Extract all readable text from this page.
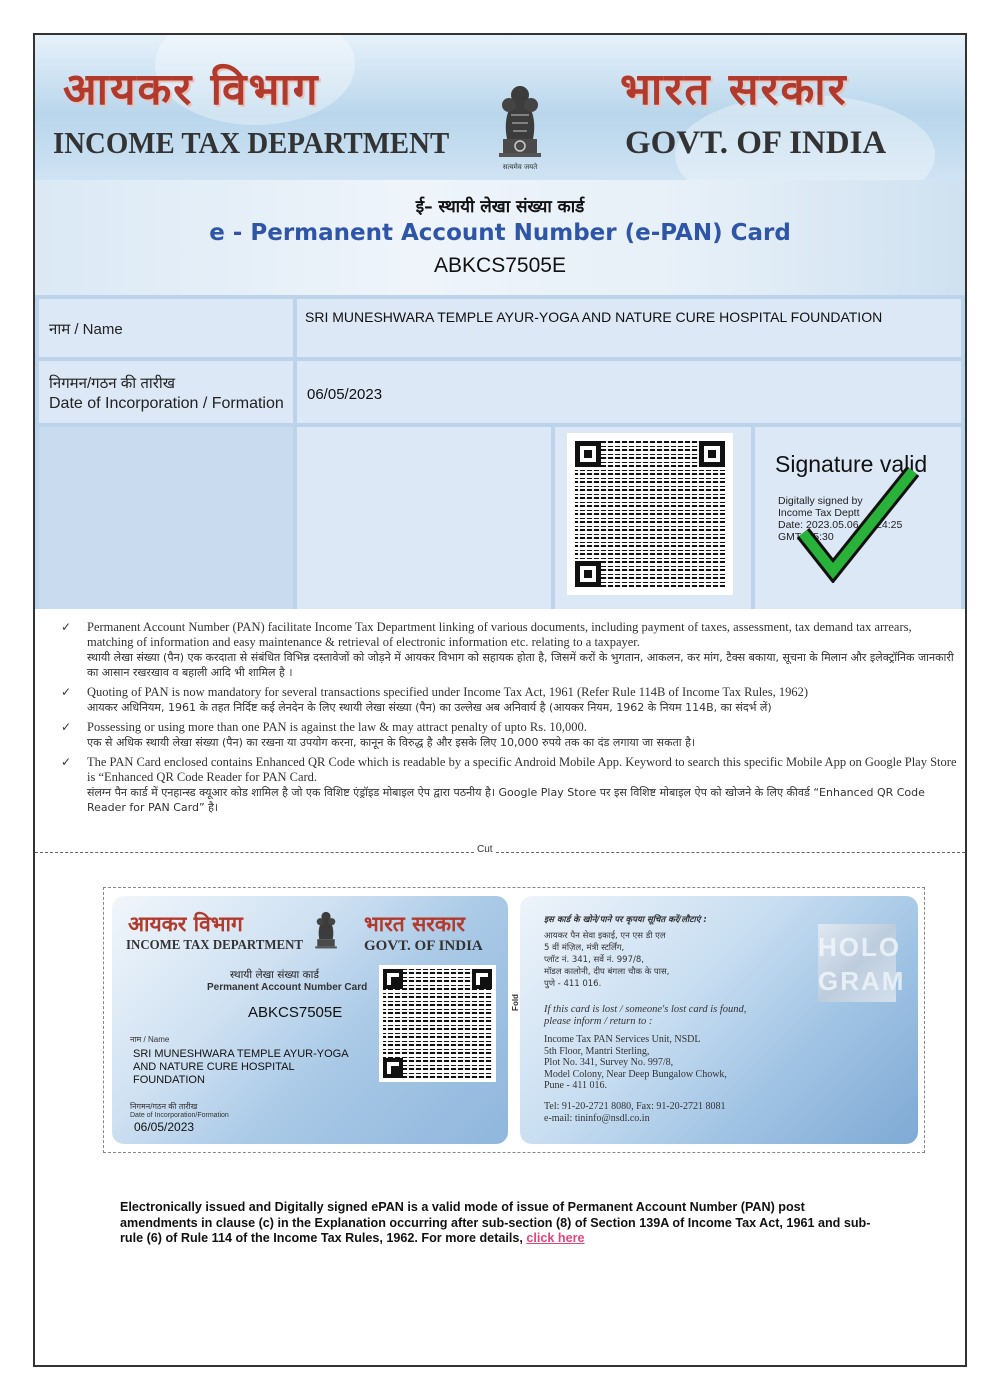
आयकर विभाग
INCOME TAX DEPARTMENT
सत्यमेव जयते
भारत सरकार
GOVT. OF INDIA
ई– स्थायी लेखा संख्या कार्ड
e - Permanent Account Number (e-PAN) Card
ABKCS7505E
नाम / Name
SRI MUNESHWARA TEMPLE AYUR-YOGA AND NATURE CURE HOSPITAL FOUNDATION
निगमन/गठन की तारीख
Date of Incorporation / Formation
06/05/2023
Signature valid
Digitally signed by
Income Tax Deptt
Date: 2023.05.06 01:24:25
GMT+05:30
✓ Permanent Account Number (PAN) facilitate Income Tax Department linking of various documents, including payment of taxes, assessment, tax demand tax arrears, matching of information and easy maintenance & retrieval of electronic information etc. relating to a taxpayer.
स्थायी लेखा संख्या (पैन) एक करदाता से संबंधित विभिन्न दस्तावेजों को जोड़ने में आयकर विभाग को सहायक होता है, जिसमें करों के भुगतान, आकलन, कर मांग, टैक्स बकाया, सूचना के मिलान और इलेक्ट्रॉनिक जानकारी का आसान रखरखाव व बहाली आदि भी शामिल है ।
✓ Quoting of PAN is now mandatory for several transactions specified under Income Tax Act, 1961 (Refer Rule 114B of Income Tax Rules, 1962)
आयकर अधिनियम, 1961 के तहत निर्दिष्ट कई लेनदेन के लिए स्थायी लेखा संख्या (पैन) का उल्लेख अब अनिवार्य है (आयकर नियम, 1962 के नियम 114B, का संदर्भ लें)
✓ Possessing or using more than one PAN is against the law & may attract penalty of upto Rs. 10,000.
एक से अधिक स्थायी लेखा संख्या (पैन) का रखना या उपयोग करना, कानून के विरुद्ध है और इसके लिए 10,000 रुपये तक का दंड लगाया जा सकता है।
✓ The PAN Card enclosed contains Enhanced QR Code which is readable by a specific Android Mobile App. Keyword to search this specific Mobile App on Google Play Store is “Enhanced QR Code Reader for PAN Card.
संलग्न पैन कार्ड में एनहान्स्ड क्यूआर कोड शामिल है जो एक विशिष्ट एंड्रॉइड मोबाइल ऐप द्वारा पठनीय है। Google Play Store पर इस विशिष्ट मोबाइल ऐप को खोजने के लिए कीवर्ड “Enhanced QR Code Reader for PAN Card” है।
Cut
आयकर विभाग
INCOME TAX DEPARTMENT
भारत सरकार
GOVT. OF INDIA
स्थायी लेखा संख्या कार्ड
Permanent Account Number Card
ABKCS7505E
नाम / Name
SRI MUNESHWARA TEMPLE AYUR-YOGA AND NATURE CURE HOSPITAL FOUNDATION
निगमन/गठन की तारीख
Date of Incorporation/Formation
06/05/2023
Fold
इस कार्ड के खोने/पाने पर कृपया सूचित करें/लौटाएं :
आयकर पैन सेवा इकाई, एन एस डी एल
5 वीं मंज़िल, मंत्री स्टर्लिंग,
प्लॉट नं. 341, सर्वे नं. 997/8,
मॉडल कालोनी, दीप बंगला चौक के पास,
पुणे - 411 016.
If this card is lost / someone's lost card is found,
please inform / return to :
Income Tax PAN Services Unit, NSDL
5th Floor, Mantri Sterling,
Plot No. 341, Survey No. 997/8,
Model Colony, Near Deep Bungalow Chowk,
Pune - 411 016.
Tel: 91-20-2721 8080, Fax: 91-20-2721 8081
e-mail: tininfo@nsdl.co.in
HOLO
GRAM
Electronically issued and Digitally signed ePAN is a valid mode of issue of Permanent Account Number (PAN) post amendments in clause (c) in the Explanation occurring after sub-section (8) of Section 139A of Income Tax Act, 1961 and sub-rule (6) of Rule 114 of the Income Tax Rules, 1962. For more details, click here
